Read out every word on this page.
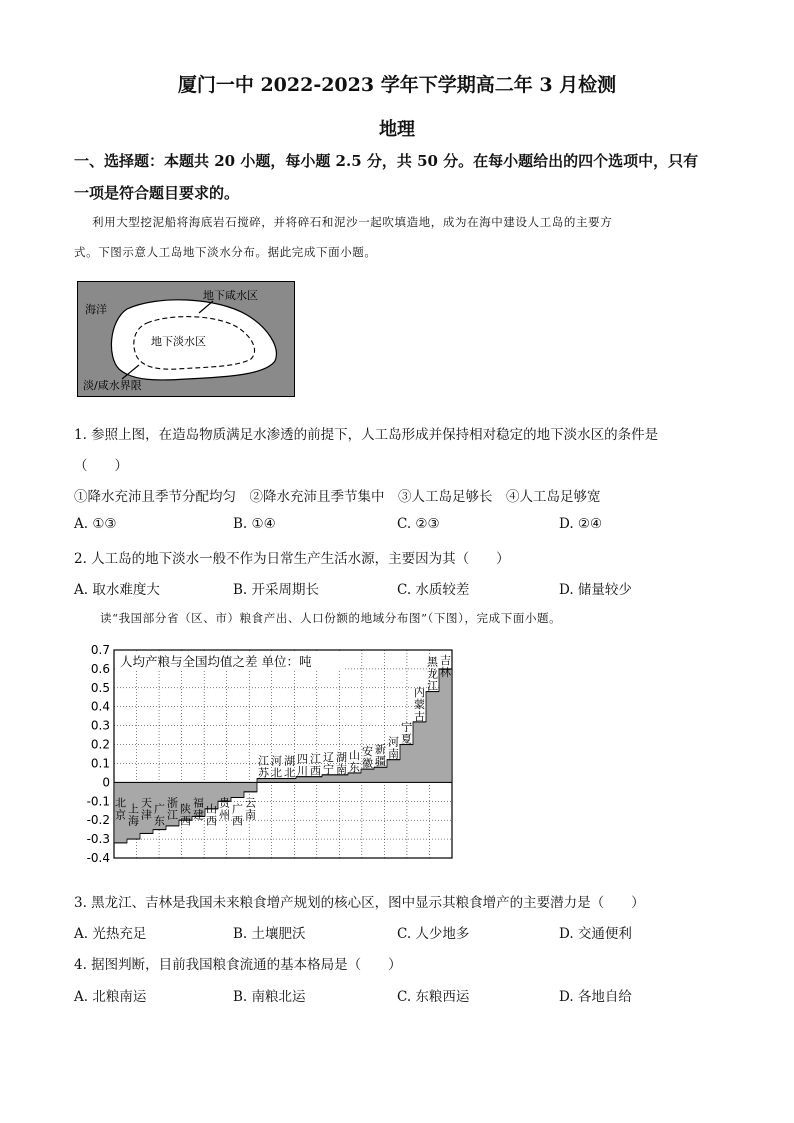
厦门一中 2022-2023 学年下学期高二年 3 月检测
地理
一、选择题：本题共 20 小题，每小题 2.5 分，共 50 分。在每小题给出的四个选项中，只有
一项是符合题目要求的。
利用大型挖泥船将海底岩石搅碎，并将碎石和泥沙一起吹填造地，成为在海中建设人工岛的主要方
式。下图示意人工岛地下淡水分布。据此完成下面小题。
海洋
地下咸水区
地下淡水区
淡/咸水界限
1. 参照上图，在造岛物质满足水渗透的前提下，人工岛形成并保持相对稳定的地下淡水区的条件是
（　　）
①降水充沛且季节分配均匀　②降水充沛且季节集中　③人工岛足够长　④人工岛足够宽
A. ①③	B. ①④	C. ②③	D. ②④
2. 人工岛的地下淡水一般不作为日常生产生活水源，主要因为其（　　）
A. 取水难度大	B. 开采周期长	C. 水质较差	D. 储量较少
读“我国部分省（区、市）粮食产出、人口份额的地域分布图”（下图），完成下面小题。
0.7
0.6
0.5
0.4
0.3
0.2
0.1
0
-0.1
-0.2
-0.3
-0.4
人均产粮与全国均值之差 单位：吨
北京 上海
天津 广东
浙江 陕西
福建 山西
贵州 广西
云南
江苏
河北
湖北
四川
江西
辽宁
湖南
山东
安徽
新疆
河南
宁夏
内蒙古
黑龙江
吉林
3. 黑龙江、吉林是我国未来粮食增产规划的核心区，图中显示其粮食增产的主要潜力是（　　）
A. 光热充足	B. 土壤肥沃	C. 人少地多	D. 交通便利
4. 据图判断，目前我国粮食流通的基本格局是（　　）
A. 北粮南运	B. 南粮北运	C. 东粮西运	D. 各地自给
